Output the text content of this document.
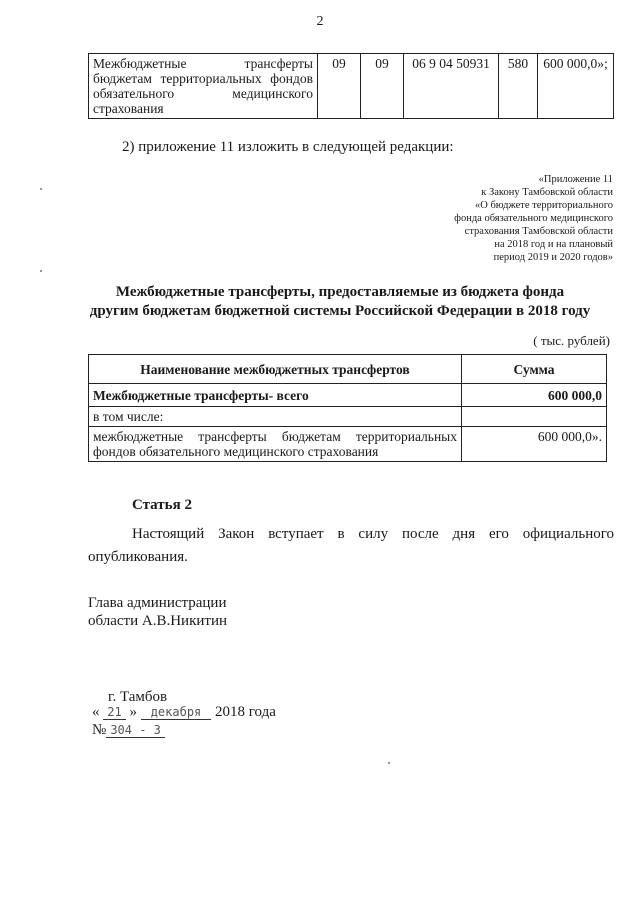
2
Межбюджетные трансферты бюджетам территориальных фондов обязательного медицинского страхования	09	09	06 9 04 50931	580	600 000,0»;
2) приложение 11 изложить в следующей редакции:
«Приложение 11
к Закону Тамбовской области
«О бюджете территориального
фонда обязательного медицинского
страхования Тамбовской области
на 2018 год и на плановый
период 2019 и 2020 годов»
Межбюджетные трансферты, предоставляемые из бюджета фонда
другим бюджетам бюджетной системы Российской Федерации в 2018 году
( тыс. рублей)
Наименование межбюджетных трансфертов	Сумма
Межбюджетные трансферты- всего	600 000,0
в том числе:	
межбюджетные трансферты бюджетам территориальных фондов обязательного медицинского страхования	600 000,0».
Статья 2
Настоящий Закон вступает в силу после дня его официального опубликования.
Глава администрации
области А.В.Никитин
г. Тамбов
« 21 » декабря 2018 года
№ 304 - 3
